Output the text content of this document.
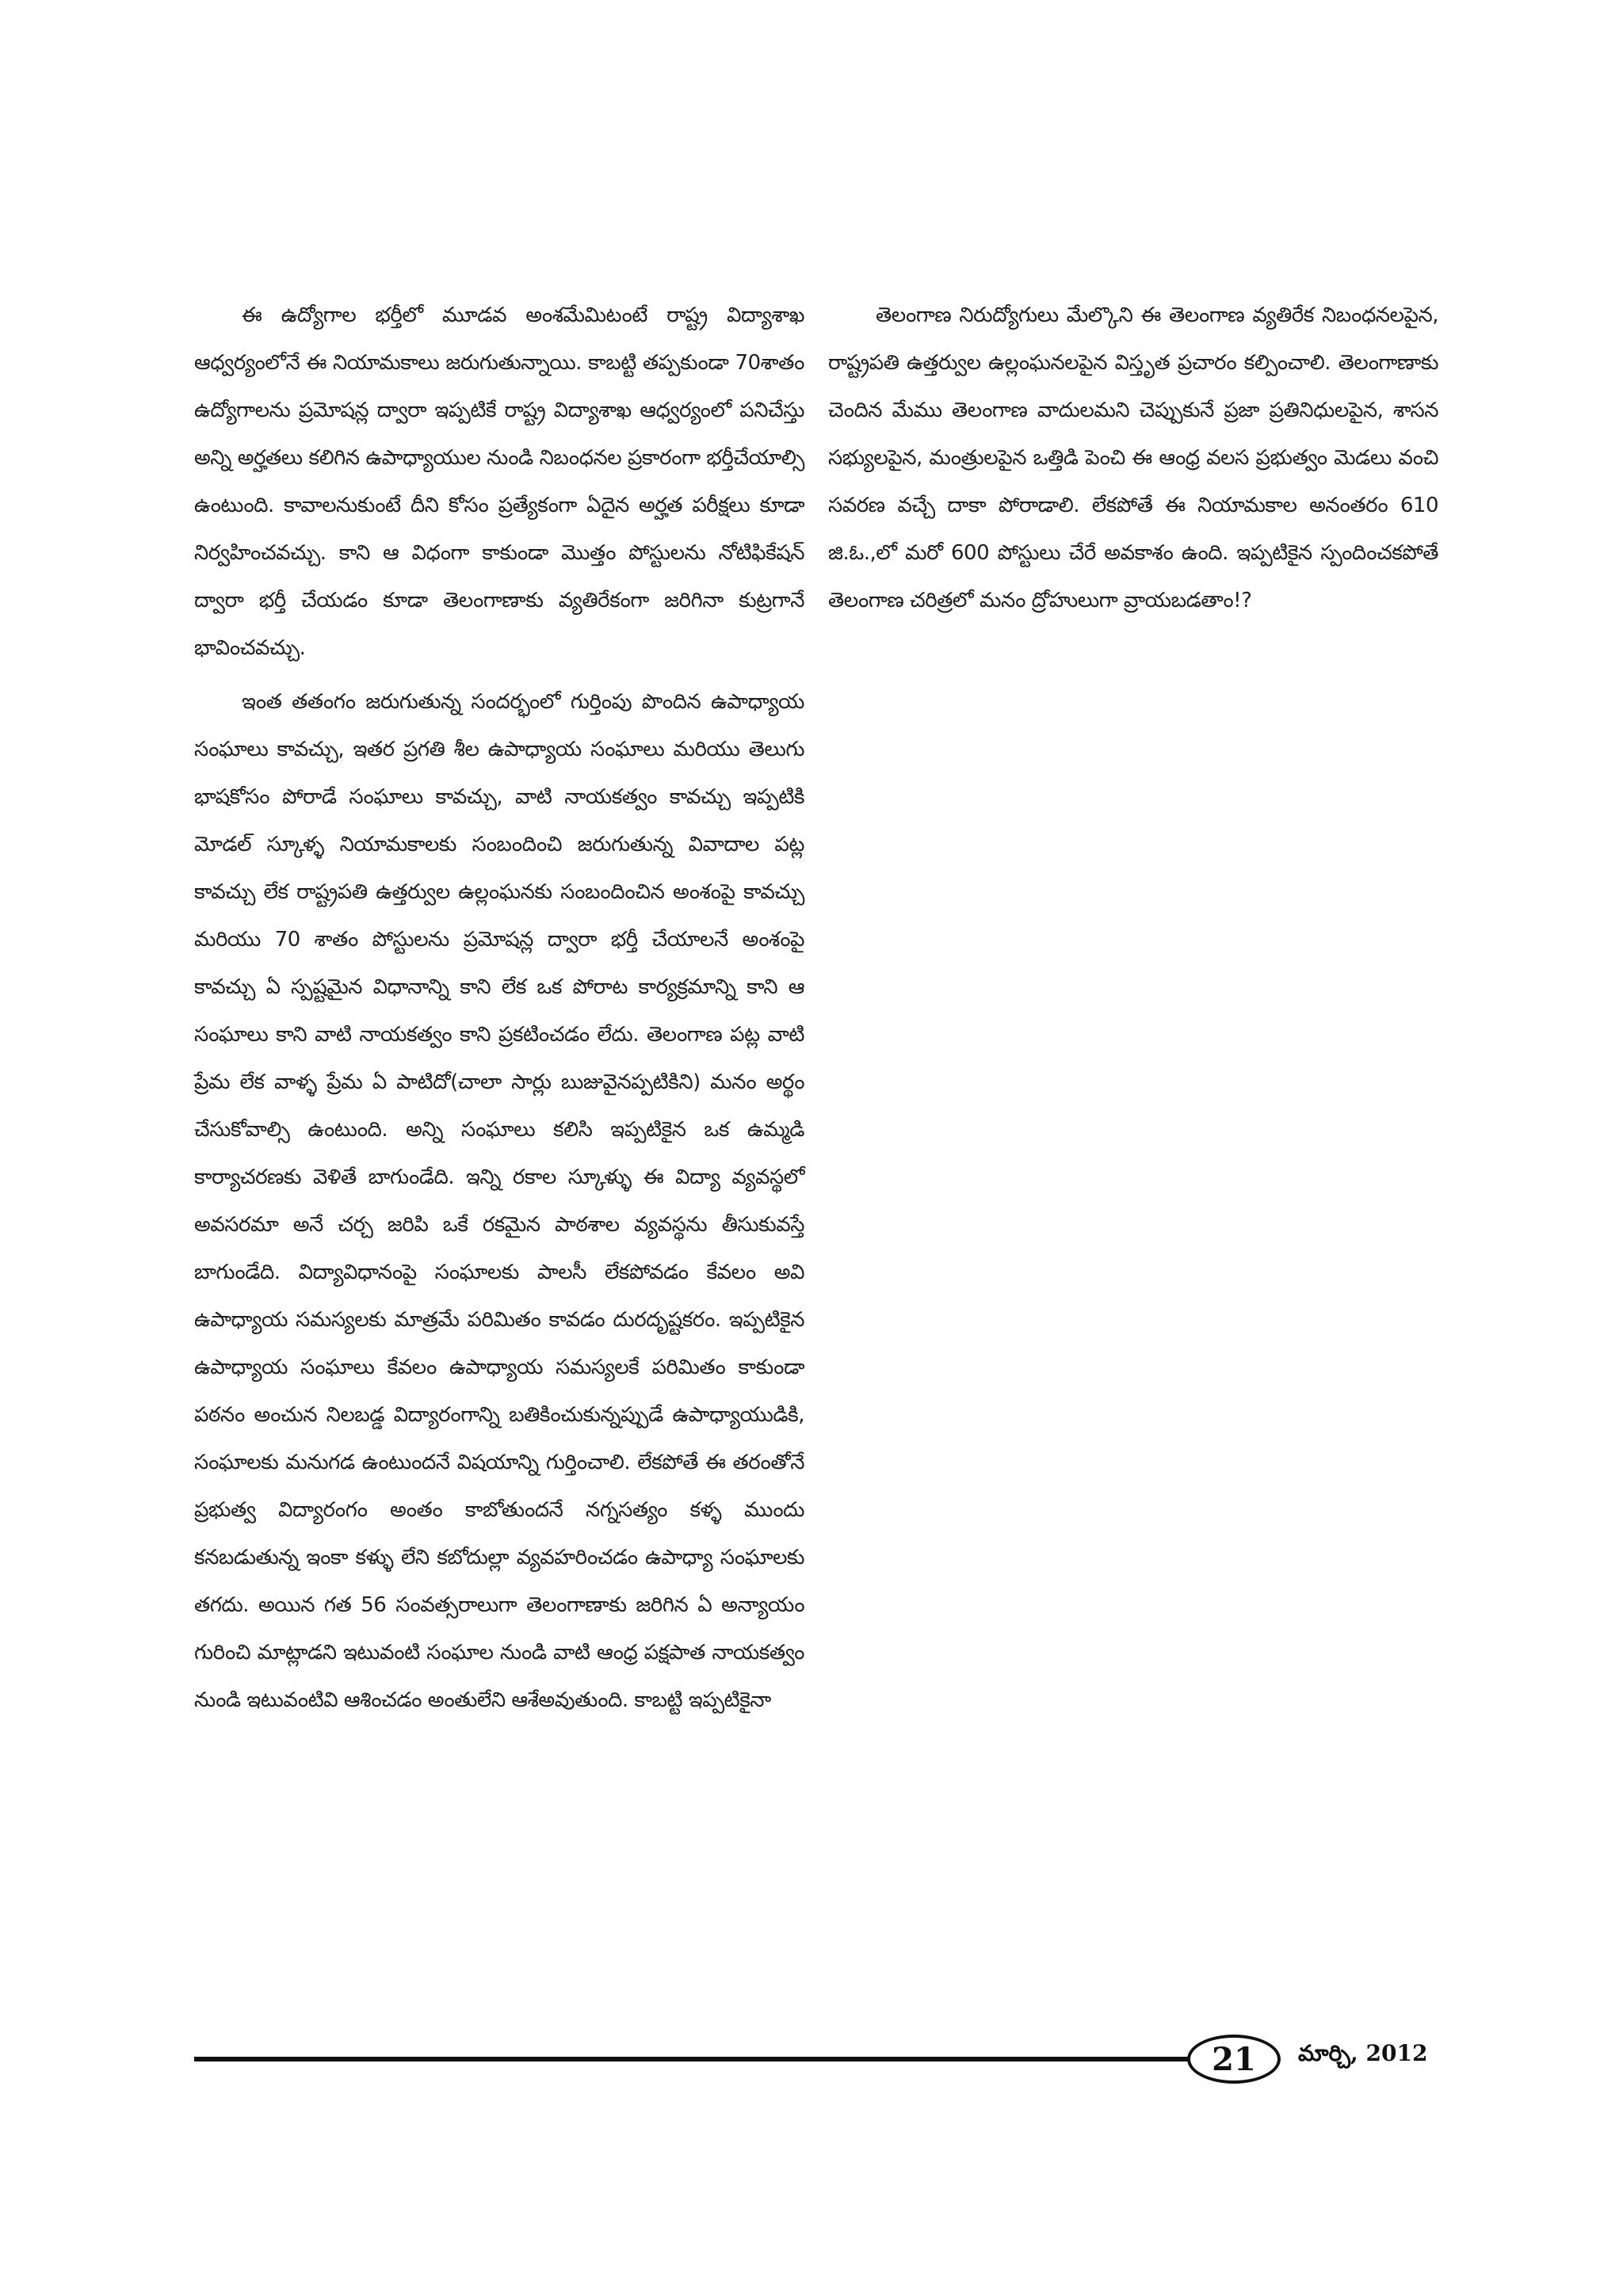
ఈ ఉద్యోగాల భర్తీలో మూడవ అంశమేమిటంటే రాష్ట్ర విద్యాశాఖ ఆధ్వర్యంలోనే ఈ నియామకాలు జరుగుతున్నాయి. కాబట్టి తప్పకుండా 70శాతం ఉద్యోగాలను ప్రమోషన్ల ద్వారా ఇప్పటికే రాష్ట్ర విద్యాశాఖ ఆధ్వర్యంలో పనిచేస్తు అన్ని అర్హతలు కలిగిన ఉపాధ్యాయుల నుండి నిబంధనల ప్రకారంగా భర్తీచేయాల్సి ఉంటుంది. కావాలనుకుంటే దీని కోసం ప్రత్యేకంగా ఏదైన అర్హత పరీక్షలు కూడా నిర్వహించవచ్చు. కాని ఆ విధంగా కాకుండా మొత్తం పోస్టులను నోటిఫికేషన్ ద్వారా భర్తీ చేయడం కూడా తెలంగాణాకు వ్యతిరేకంగా జరిగినా కుట్రగానే భావించవచ్చు.

ఇంత తతంగం జరుగుతున్న సందర్భంలో గుర్తింపు పొందిన ఉపాధ్యాయ సంఘాలు కావచ్చు, ఇతర ప్రగతి శీల ఉపాధ్యాయ సంఘాలు మరియు తెలుగు భాషకోసం పోరాడే సంఘాలు కావచ్చు, వాటి నాయకత్వం కావచ్చు ఇప్పటికి మోడల్ స్కూళ్ళ నియామకాలకు సంబందించి జరుగుతున్న వివాదాల పట్ల కావచ్చు లేక రాష్ట్రపతి ఉత్తర్వుల ఉల్లంఘనకు సంబందించిన అంశంపై కావచ్చు మరియు 70 శాతం పోస్టులను ప్రమోషన్ల ద్వారా భర్తీ చేయాలనే అంశంపై కావచ్చు ఏ స్పష్టమైన విధానాన్ని కాని లేక ఒక పోరాట కార్యక్రమాన్ని కాని ఆ సంఘాలు కాని వాటి నాయకత్వం కాని ప్రకటించడం లేదు. తెలంగాణ పట్ల వాటి ప్రేమ లేక వాళ్ళ ప్రేమ ఏ పాటిదో(చాలా సార్లు బుజువైనప్పటికిని) మనం అర్థం చేసుకోవాల్సి ఉంటుంది. అన్ని సంఘాలు కలిసి ఇప్పటికైన ఒక ఉమ్మడి కార్యాచరణకు వెళితే బాగుండేది. ఇన్ని రకాల స్కూళ్ళు ఈ విద్యా వ్యవస్థలో అవసరమా అనే చర్చ జరిపి ఒకే రకమైన పాఠశాల వ్యవస్థను తీసుకువస్తే బాగుండేది. విద్యావిధానంపై సంఘాలకు పాలసీ లేకపోవడం కేవలం అవి ఉపాధ్యాయ సమస్యలకు మాత్రమే పరిమితం కావడం దురదృష్టకరం. ఇప్పటికైన ఉపాధ్యాయ సంఘాలు కేవలం ఉపాధ్యాయ సమస్యలకే పరిమితం కాకుండా పఠనం అంచున నిలబడ్డ విద్యారంగాన్ని బతికించుకున్నప్పుడే ఉపాధ్యాయుడికి, సంఘాలకు మనుగడ ఉంటుందనే విషయాన్ని గుర్తించాలి. లేకపోతే ఈ తరంతోనే ప్రభుత్వ విద్యారంగం అంతం కాబోతుందనే నగ్నసత్యం కళ్ళ ముందు కనబడుతున్న ఇంకా కళ్ళు లేని కబోదుల్లా వ్యవహరించడం ఉపాధ్యా సంఘాలకు తగదు. అయిన గత 56 సంవత్సరాలుగా తెలంగాణాకు జరిగిన ఏ అన్యాయం గురించి మాట్లాడని ఇటువంటి సంఘాల నుండి వాటి ఆంధ్ర పక్షపాత నాయకత్వం నుండి ఇటువంటివి ఆశించడం అంతులేని ఆశేఅవుతుంది. కాబట్టి ఇప్పటికైనా

తెలంగాణ నిరుద్యోగులు మేల్కొని ఈ తెలంగాణ వ్యతిరేక నిబంధనలపైన, రాష్ట్రపతి ఉత్తర్వుల ఉల్లంఘనలపైన విస్తృత ప్రచారం కల్పించాలి. తెలంగాణాకు చెందిన మేము తెలంగాణ వాదులమని చెప్పుకునే ప్రజా ప్రతినిధులపైన, శాసన సభ్యులపైన, మంత్రులపైన ఒత్తిడి పెంచి ఈ ఆంధ్ర వలస ప్రభుత్వం మెడలు వంచి సవరణ వచ్చే దాకా పోరాడాలి. లేకపోతే ఈ నియామకాల అనంతరం 610 జి.ఓ.,లో మరో 600 పోస్టులు చేరే అవకాశం ఉంది. ఇప్పటికైన స్పందించకపోతే తెలంగాణ చరిత్రలో మనం ద్రోహులుగా వ్రాయబడతాం!?

21 మార్చి, 2012
